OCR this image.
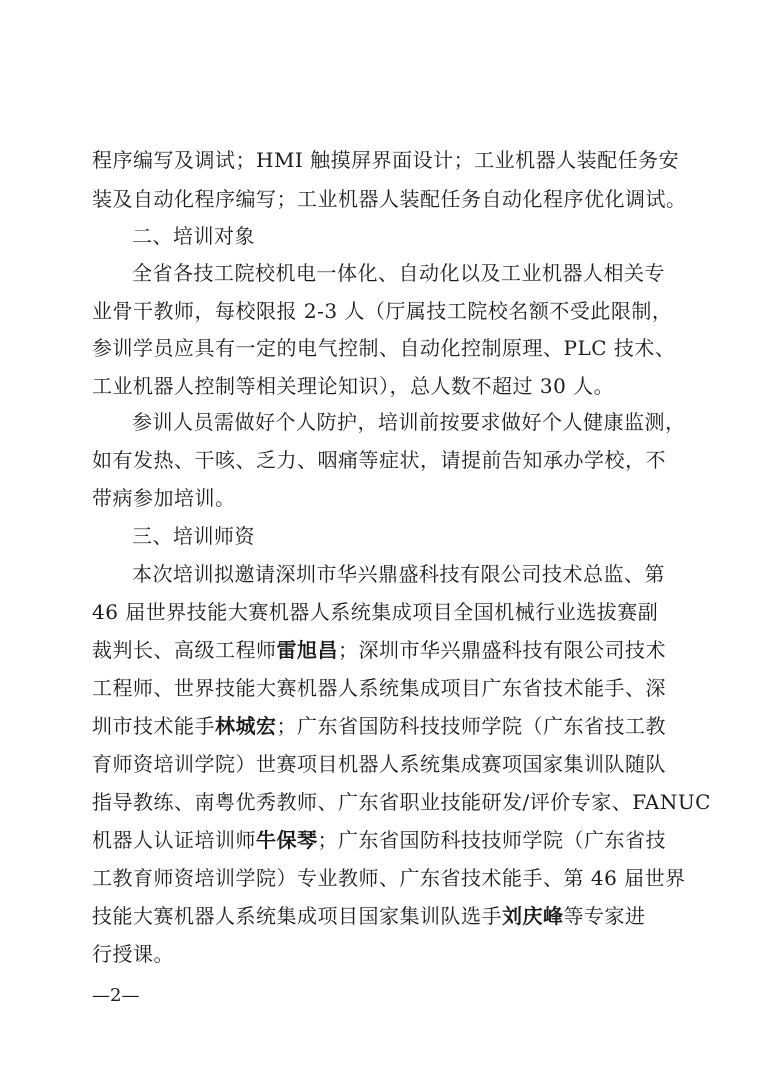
程序编写及调试；HMI 触摸屏界面设计；工业机器人装配任务安
装及自动化程序编写；工业机器人装配任务自动化程序优化调试。
二、培训对象
全省各技工院校机电一体化、自动化以及工业机器人相关专
业骨干教师，每校限报 2-3 人（厅属技工院校名额不受此限制，
参训学员应具有一定的电气控制、自动化控制原理、PLC 技术、
工业机器人控制等相关理论知识），总人数不超过 30 人。
参训人员需做好个人防护，培训前按要求做好个人健康监测，
如有发热、干咳、乏力、咽痛等症状，请提前告知承办学校，不
带病参加培训。
三、培训师资
本次培训拟邀请深圳市华兴鼎盛科技有限公司技术总监、第
46 届世界技能大赛机器人系统集成项目全国机械行业选拔赛副
裁判长、高级工程师雷旭昌；深圳市华兴鼎盛科技有限公司技术
工程师、世界技能大赛机器人系统集成项目广东省技术能手、深
圳市技术能手林城宏；广东省国防科技技师学院（广东省技工教
育师资培训学院）世赛项目机器人系统集成赛项国家集训队随队
指导教练、南粤优秀教师、广东省职业技能研发/评价专家、FANUC
机器人认证培训师牛保琴；广东省国防科技技师学院（广东省技
工教育师资培训学院）专业教师、广东省技术能手、第 46 届世界
技能大赛机器人系统集成项目国家集训队选手刘庆峰等专家进
行授课。
—2—
